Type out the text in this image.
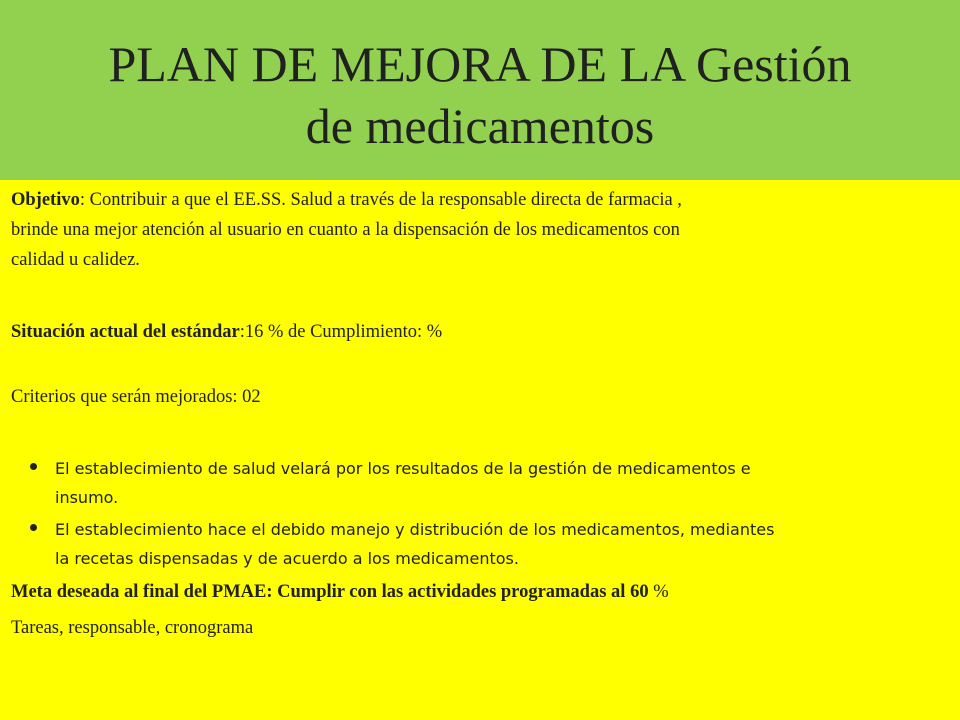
PLAN DE MEJORA DE LA Gestión
de medicamentos
Objetivo: Contribuir a que el EE.SS. Salud a través de la responsable directa de farmacia ,
brinde una mejor atención al usuario en cuanto a la dispensación de los medicamentos con
calidad u calidez.
Situación actual del estándar:16 % de Cumplimiento: %
Criterios que serán mejorados: 02
El establecimiento de salud velará por los resultados de la gestión de medicamentos e
insumo.
El establecimiento hace el debido manejo y distribución de los medicamentos, mediantes
la recetas dispensadas y de acuerdo a los medicamentos.
Meta deseada al final del PMAE: Cumplir con las actividades programadas al 60 %
Tareas, responsable, cronograma
